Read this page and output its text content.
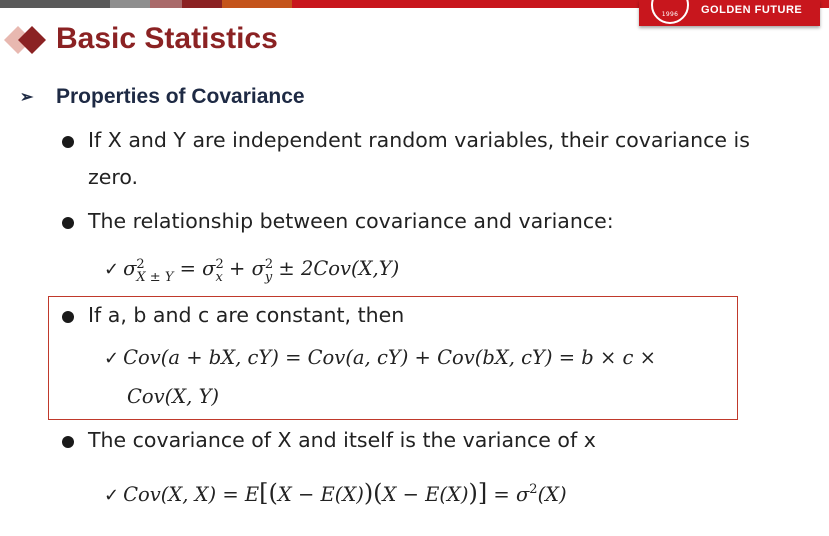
1996 GOLDEN FUTURE
Basic Statistics
➢	Properties of Covariance
If X and Y are independent random variables, their covariance is zero.
The relationship between covariance and variance:
✓ σ 2
$_{X \pm Y}$ = σ 2
$_x$ + σ 2
$_y$ ± 2Cov(X,Y)
If a, b and c are constant, then
✓ Cov(a + bX, cY) = Cov(a, cY) + Cov(bX, cY) = b × c ×
Cov(X, Y)
The covariance of X and itself is the variance of x
✓ Cov(X, $X) = E[(X - E(X))(X - E(X))] = \sigma^2(X)$
